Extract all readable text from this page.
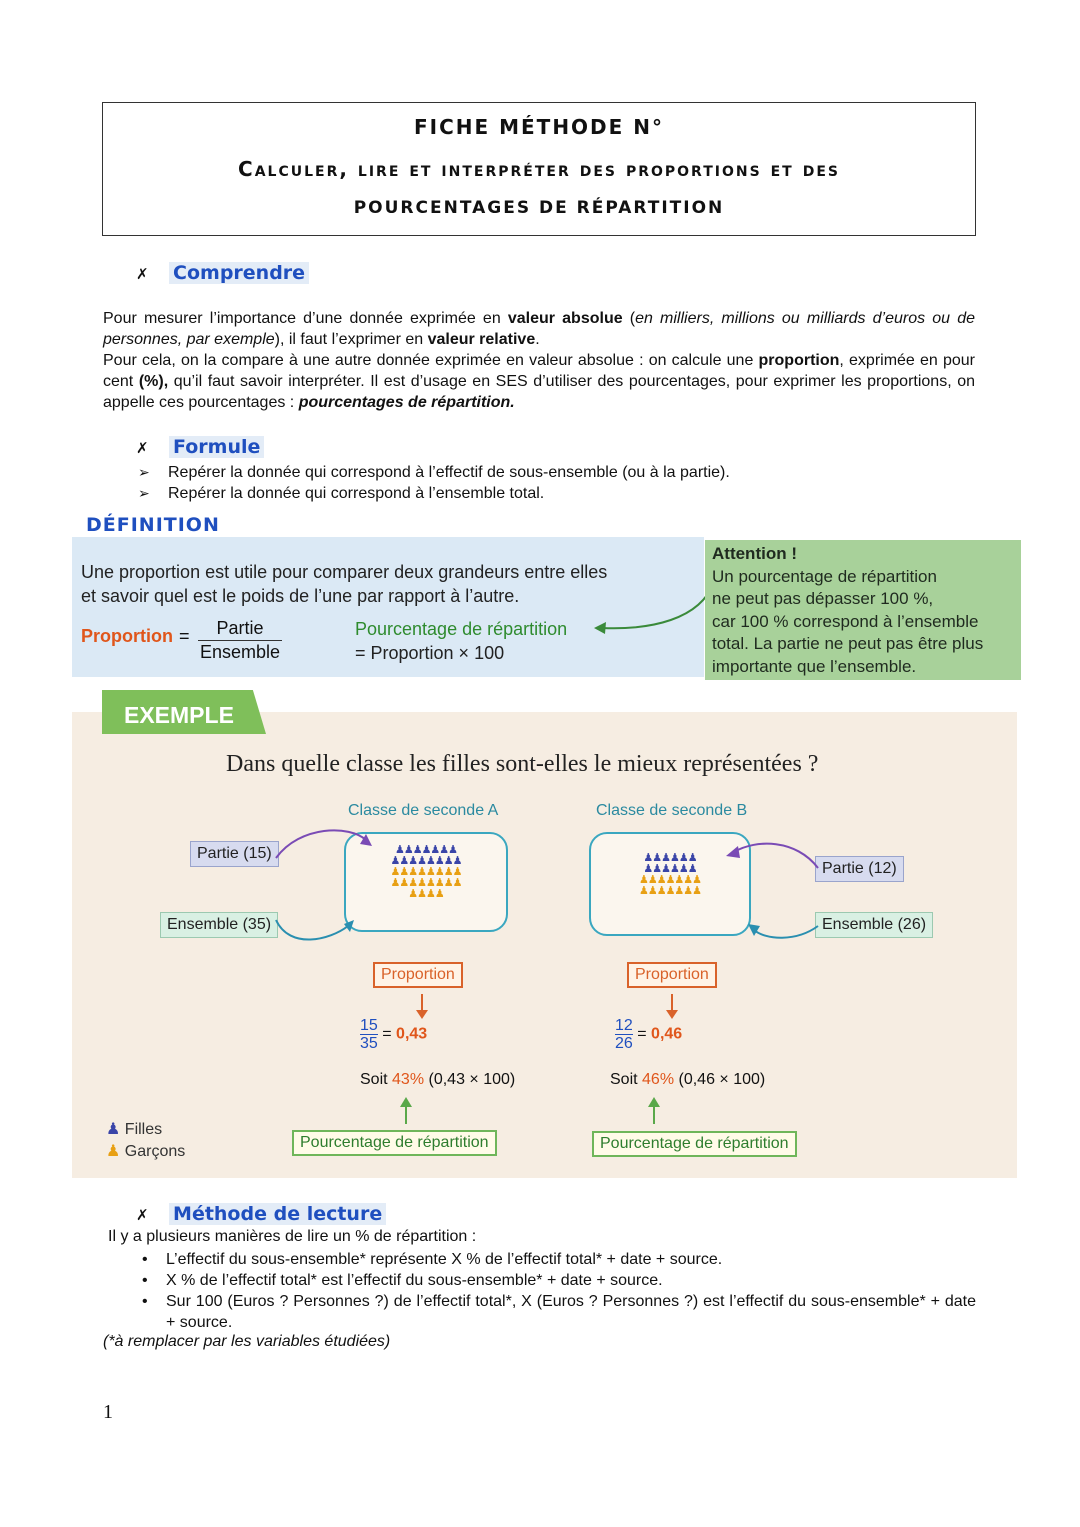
FICHE MÉTHODE N°
Calculer, lire et interpréter des proportions et des
POURCENTAGES DE RÉPARTITION
✗ Comprendre
Pour mesurer l’importance d’une donnée exprimée en valeur absolue (en milliers, millions ou milliards d’euros ou de personnes, par exemple), il faut l’exprimer en valeur relative.
Pour cela, on la compare à une autre donnée exprimée en valeur absolue : on calcule une proportion, exprimée en pour cent (%), qu’il faut savoir interpréter. Il est d’usage en SES d’utiliser des pourcentages, pour exprimer les proportions, on appelle ces pourcentages : pourcentages de répartition.
✗ Formule
➢ Repérer la donnée qui correspond à l’effectif de sous-ensemble (ou à la partie).
➢ Repérer la donnée qui correspond à l’ensemble total.
DÉFINITION
Une proportion est utile pour comparer deux grandeurs entre elles
et savoir quel est le poids de l’une par rapport à l’autre.
Proportion =	Partie
Ensemble
Pourcentage de répartition
= Proportion × 100
Attention !
Un pourcentage de répartition
ne peut pas dépasser 100 %,
car 100 % correspond à l’ensemble
total. La partie ne peut pas être plus
importante que l’ensemble.
EXEMPLE
Dans quelle classe les filles sont-elles le mieux représentées ?
Classe de seconde A
♟♟♟♟♟♟♟
♟♟♟♟♟♟♟♟
♟♟♟♟♟♟♟♟
♟♟♟♟♟♟♟♟
♟♟♟♟
Partie (15)
Ensemble (35)
Proportion
$\frac{15}{35} = 0,43$
Soit 43% (0,43 × 100)
Pourcentage de répartition
Classe de seconde B
♟♟♟♟♟♟
♟♟♟♟♟♟
♟♟♟♟♟♟♟
♟♟♟♟♟♟♟
Partie (12)
Ensemble (26)
Proportion
$\frac{12}{26} = 0,46$
Soit 46% (0,46 × 100)
Pourcentage de répartition
♟ Filles
♟ Garçons
✗ Méthode de lecture
Il y a plusieurs manières de lire un % de répartition :
• L’effectif du sous-ensemble* représente X % de l’effectif total* + date + source.
• X % de l’effectif total* est l’effectif du sous-ensemble* + date + source.
• Sur 100 (Euros ? Personnes ?) de l’effectif total*, X (Euros ? Personnes ?) est l’effectif du sous-ensemble* + date + source.
(*à remplacer par les variables étudiées)
1
